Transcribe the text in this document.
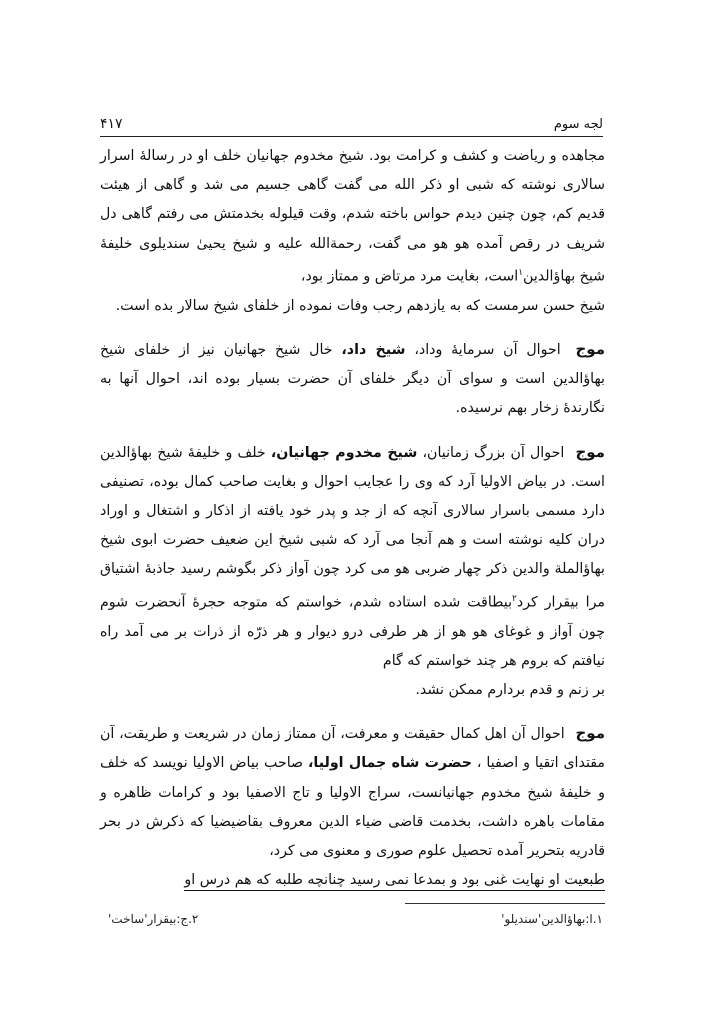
۴۱۷	لجه سوم

مجاهده و ریاضت و کشف و کرامت بود. شیخ مخدوم جهانیان خلف او در رسالهٔ اسرار سالاری نوشته که شبی او ذکر الله می گفت گاهی جسیم می شد و گاهی از هیئت قدیم کم، چون چنین دیدم حواس باخته شدم، وقت قیلوله بخدمتش می رفتم گاهی دل شریف در رقص آمده هو هو می گفت، رحمةالله علیه و شیخ یحییٰ سندیلوی خلیفهٔ شیخ بهاؤالدین$^۱$است، بغایت مرد مرتاض و ممتاز بود،

شیخ حسن سرمست که به یازدهم رجب وفات نموده از خلفای شیخ سالار بده است.

موج احوال آن سرمایهٔ وداد، شیخ داد، خال شیخ جهانیان نیز از خلفای شیخ بهاؤالدین است و سوای آن دیگر خلفای آن حضرت بسیار بوده اند، احوال آنها به نگارندهٔ زخار بهم نرسیده.

موج احوال آن بزرگ زمانیان، شیخ مخدوم جهانیان، خلف و خلیفهٔ شیخ بهاؤالدین است. در بیاض الاولیا آرد که وی را عجایب احوال و بغایت صاحب کمال بوده، تصنیفی دارد مسمی باسرار سالاری آنچه که از جد و پدر خود یافته از اذکار و اشتغال و اوراد دران کلیه نوشته است و هم آنجا می آرد که شبی شیخ این ضعیف حضرت ابوی شیخ بهاؤالملة والدین ذکر چهار ضربی هو می کرد چون آواز ذکر بگوشم رسید جاذبهٔ اشتیاق مرا بیقرار کرد$^۲$بیطاقت شده استاده شدم، خواستم که متوجه حجرهٔ آنحضرت شوم چون آواز و غوغای هو هو از هر طرفی درو دیوار و هر ذرّه از ذرات بر می آمد راه نیافتم که بروم هر چند خواستم که گام

بر زنم و قدم بردارم ممکن نشد.

موج احوال آن اهل کمال حقیقت و معرفت، آن ممتاز زمان در شریعت و طریقت، آن مقتدای اتقیا و اصفیا ، حضرت شاه جمال اولیا، صاحب بیاض الاولیا نویسد که خلف و خلیفهٔ شیخ مخدوم جهانیانست، سراج الاولیا و تاج الاصفیا بود و کرامات ظاهره و مقامات باهره داشت، بخدمت قاضی ضیاء الدین معروف بقاضیضیا که ذکرش در بحر قادریه بتحریر آمده تحصیل علوم صوری و معنوی می کرد،

طبعیت او نهایت غنی بود و بمدعا نمی رسید چنانچه طلبه که هم درس او

۱.ا:بهاؤالدین'سندیلو'
۲.ج:بیقرار'ساخت'
